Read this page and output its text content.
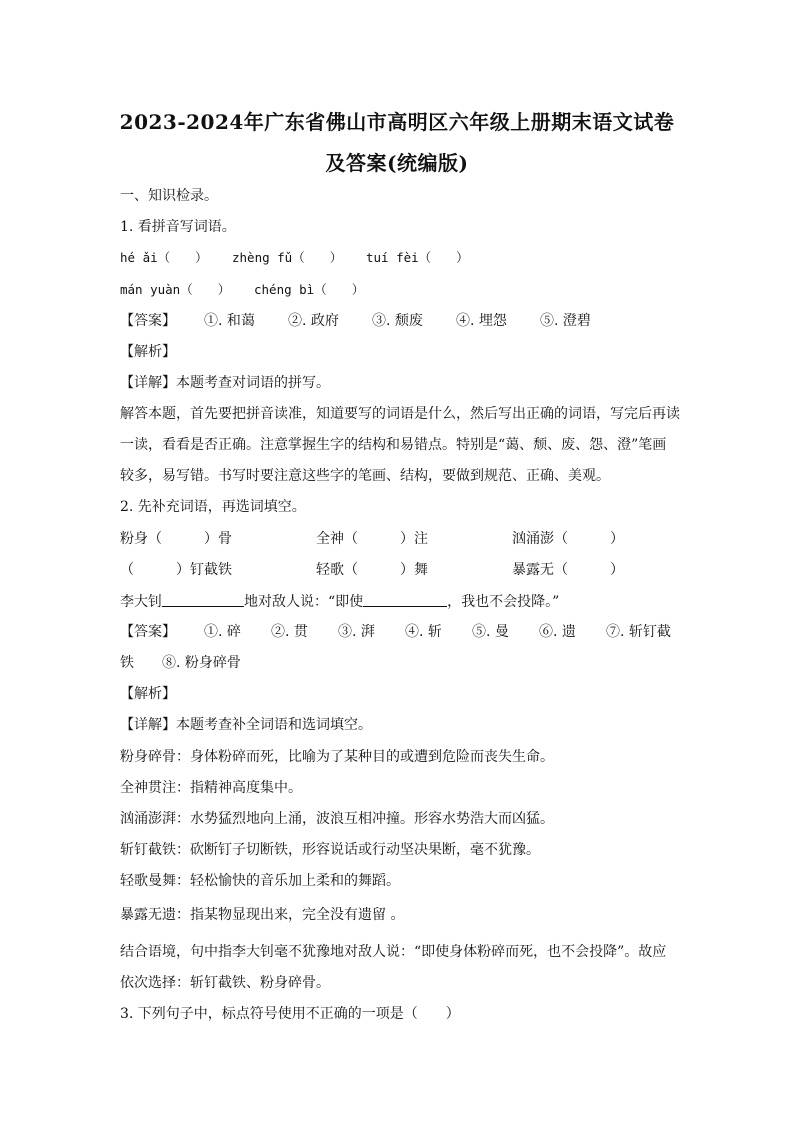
2023-2024年广东省佛山市高明区六年级上册期末语文试卷
及答案(统编版)
一、知识检录。
1. 看拼音写词语。
hé ǎi（　　） zhèng fǔ（　　） tuí fèi（　　）
mán yuàn（　　） chéng bì（　　）
【答案】 ①. 和蔼 ②. 政府 ③. 颓废 ④. 埋怨 ⑤. 澄碧
【解析】
【详解】本题考查对词语的拼写。
解答本题，首先要把拼音读准，知道要写的词语是什么，然后写出正确的词语，写完后再读
一读，看看是否正确。注意掌握生字的结构和易错点。特别是“蔼、颓、废、怨、澄”笔画
较多，易写错。书写时要注意这些字的笔画、结构，要做到规范、正确、美观。
2. 先补充词语，再选词填空。
粉身（　　　）骨	全神（　　　）注	汹涌澎（　　　）
（　　　）钉截铁	轻歌（　　　）舞	暴露无（　　　）
李大钊	地对敌人说：“即使	，我也不会投降。”
【答案】 ①. 碎 ②. 贯 ③. 湃 ④. 斩 ⑤. 曼 ⑥. 遗 ⑦. 斩钉截
铁 ⑧. 粉身碎骨
【解析】
【详解】本题考查补全词语和选词填空。
粉身碎骨：身体粉碎而死，比喻为了某种目的或遭到危险而丧失生命。
全神贯注：指精神高度集中。
汹涌澎湃：水势猛烈地向上涌，波浪互相冲撞。形容水势浩大而凶猛。
斩钉截铁：砍断钉子切断铁，形容说话或行动坚决果断，毫不犹豫。
轻歌曼舞：轻松愉快的音乐加上柔和的舞蹈。
暴露无遗：指某物显现出来，完全没有遗留 。
结合语境，句中指李大钊毫不犹豫地对敌人说：“即使身体粉碎而死，也不会投降”。故应
依次选择：斩钉截铁、粉身碎骨。
3. 下列句子中，标点符号使用不正确的一项是（　　）
